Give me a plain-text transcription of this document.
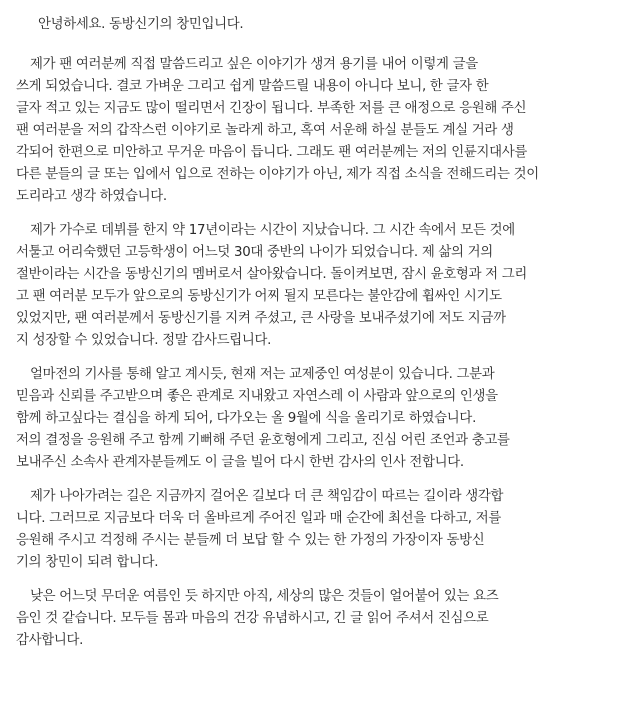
안녕하세요. 동방신기의 창민입니다.
제가 팬 여러분께 직접 말씀드리고 싶은 이야기가 생겨 용기를 내어 이렇게 글을
쓰게 되었습니다. 결코 가벼운 그리고 쉽게 말씀드릴 내용이 아니다 보니, 한 글자 한
글자 적고 있는 지금도 많이 떨리면서 긴장이 됩니다. 부족한 저를 큰 애정으로 응원해 주신
팬 여러분을 저의 갑작스런 이야기로 놀라게 하고, 혹여 서운해 하실 분들도 계실 거라 생
각되어 한편으로 미안하고 무거운 마음이 듭니다. 그래도 팬 여러분께는 저의 인륜지대사를
다른 분들의 글 또는 입에서 입으로 전하는 이야기가 아닌, 제가 직접 소식을 전해드리는 것이
도리라고 생각 하였습니다.
제가 가수로 데뷔를 한지 약 17년이라는 시간이 지났습니다. 그 시간 속에서 모든 것에
서툴고 어리숙했던 고등학생이 어느덧 30대 중반의 나이가 되었습니다. 제 삶의 거의
절반이라는 시간을 동방신기의 멤버로서 살아왔습니다. 돌이켜보면, 잠시 윤호형과 저 그리
고 팬 여러분 모두가 앞으로의 동방신기가 어찌 될지 모른다는 불안감에 휩싸인 시기도
있었지만, 팬 여러분께서 동방신기를 지켜 주셨고, 큰 사랑을 보내주셨기에 저도 지금까
지 성장할 수 있었습니다. 정말 감사드립니다.
얼마전의 기사를 통해 알고 계시듯, 현재 저는 교제중인 여성분이 있습니다. 그분과
믿음과 신뢰를 주고받으며 좋은 관계로 지내왔고 자연스레 이 사람과 앞으로의 인생을
함께 하고싶다는 결심을 하게 되어, 다가오는 올 9월에 식을 올리기로 하였습니다.
저의 결정을 응원해 주고 함께 기뻐해 주던 윤호형에게 그리고, 진심 어린 조언과 충고를
보내주신 소속사 관계자분들께도 이 글을 빌어 다시 한번 감사의 인사 전합니다.
제가 나아가려는 길은 지금까지 걸어온 길보다 더 큰 책임감이 따르는 길이라 생각합
니다. 그러므로 지금보다 더욱 더 올바르게 주어진 일과 매 순간에 최선을 다하고, 저를
응원해 주시고 걱정해 주시는 분들께 더 보답 할 수 있는 한 가정의 가장이자 동방신
기의 창민이 되려 합니다.
낮은 어느덧 무더운 여름인 듯 하지만 아직, 세상의 많은 것들이 얼어붙어 있는 요즈
음인 것 같습니다. 모두들 몸과 마음의 건강 유념하시고, 긴 글 읽어 주셔서 진심으로
감사합니다.
